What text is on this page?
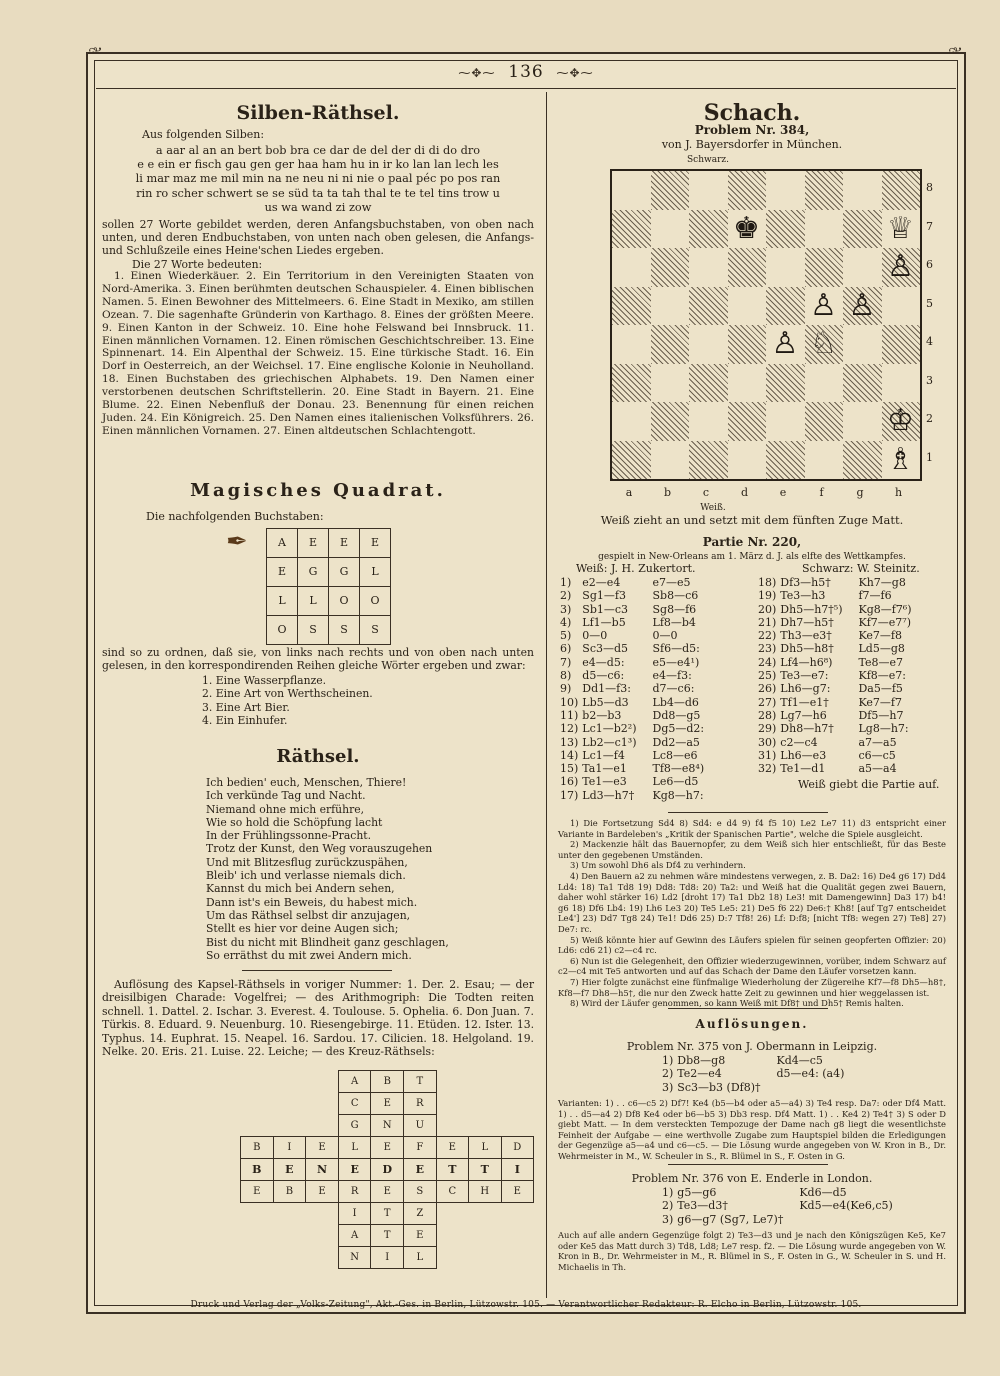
⁓✥⁓ 136 ⁓✥⁓
Silben-Räthsel.
Aus folgenden Silben:
a aar al an an bert bob bra ce dar de del der di di do dro
e e ein er fisch gau gen ger haa ham hu in ir ko lan lan lech les
li mar maz me mil min na ne neu ni ni nie o paal péc po pos ran
rin ro scher schwert se se süd ta ta tah thal te te tel tins trow u
us wa wand zi zow
sollen 27 Worte gebildet werden, deren Anfangsbuchstaben, von oben nach unten, und deren Endbuchstaben, von unten nach oben gelesen, die Anfangs- und Schlußzeile eines Heine'schen Liedes ergeben.
Die 27 Worte bedeuten:
1. Einen Wiederkäuer. 2. Ein Territorium in den Vereinigten Staaten von Nord-Amerika. 3. Einen berühmten deutschen Schauspieler. 4. Einen biblischen Namen. 5. Einen Bewohner des Mittelmeers. 6. Eine Stadt in Mexiko, am stillen Ozean. 7. Die sagenhafte Gründerin von Karthago. 8. Eines der größten Meere. 9. Einen Kanton in der Schweiz. 10. Eine hohe Felswand bei Innsbruck. 11. Einen männlichen Vornamen. 12. Einen römischen Geschichtschreiber. 13. Eine Spinnenart. 14. Ein Alpenthal der Schweiz. 15. Eine türkische Stadt. 16. Ein Dorf in Oesterreich, an der Weichsel. 17. Eine englische Kolonie in Neuholland. 18. Einen Buchstaben des griechischen Alphabets. 19. Den Namen einer verstorbenen deutschen Schriftstellerin. 20. Eine Stadt in Bayern. 21. Eine Blume. 22. Einen Nebenfluß der Donau. 23. Benennung für einen reichen Juden. 24. Ein Königreich. 25. Den Namen eines italienischen Volksführers. 26. Einen männlichen Vornamen. 27. Einen altdeutschen Schlachtengott.
Magisches Quadrat.
Die nachfolgenden Buchstaben:
✒	A	E	E	E
E	G	G	L
L	L	O	O
O	S	S	S
sind so zu ordnen, daß sie, von links nach rechts und von oben nach unten gelesen, in den korrespondirenden Reihen gleiche Wörter ergeben und zwar:
1. Eine Wasserpflanze.
2. Eine Art von Werthscheinen.
3. Eine Art Bier.
4. Ein Einhufer.
Räthsel.
Ich bedien' euch, Menschen, Thiere!
Ich verkünde Tag und Nacht.
Niemand ohne mich erführe,
Wie so hold die Schöpfung lacht
In der Frühlingssonne-Pracht.
Trotz der Kunst, den Weg vorauszugehen
Und mit Blitzesflug zurückzuspähen,
Bleib' ich und verlasse niemals dich.
Kannst du mich bei Andern sehen,
Dann ist's ein Beweis, du habest mich.
Um das Räthsel selbst dir anzujagen,
Stellt es hier vor deine Augen sich;
Bist du nicht mit Blindheit ganz geschlagen,
So erräthst du mit zwei Andern mich.
Auflösung des Kapsel-Räthsels in voriger Nummer: 1. Der. 2. Esau; — der dreisilbigen Charade: Vogelfrei; — des Arithmogriph: Die Todten reiten schnell. 1. Dattel. 2. Ischar. 3. Everest. 4. Toulouse. 5. Ophelia. 6. Don Juan. 7. Türkis. 8. Eduard. 9. Neuenburg. 10. Riesengebirge. 11. Etüden. 12. Ister. 13. Typhus. 14. Euphrat. 15. Neapel. 16. Sardou. 17. Cilicien. 18. Helgoland. 19. Nelke. 20. Eris. 21. Luise. 22. Leiche; — des Kreuz-Räthsels:
			A	B	T			
			C	E	R			
			G	N	U			
B	I	E	L	E	F	E	L	D
B	E	N	E	D	E	T	T	I
E	B	E	R	E	S	C	H	E
			I	T	Z			
			A	T	E			
			N	I	L			
Schach.
Problem Nr. 384,
von J. Bayersdorfer in München.
Schwarz.
♚	♕
♙
♙ ♙
♙ ♘
♔
♗
8
7
6
5
4
3
2
1
a	b	c	d	e	f	g	h
Weiß.
Weiß zieht an und setzt mit dem fünften Zuge Matt.
Partie Nr. 220,
gespielt in New-Orleans am 1. März d. J. als elfte des Wettkampfes.
Weiß: J. H. Zukertort.	Schwarz: W. Steinitz.
1)	e2—e4	e7—e5
2)	Sg1—f3	Sb8—c6
3)	Sb1—c3	Sg8—f6
4)	Lf1—b5	Lf8—b4
5)	0—0	0—0
6)	Sc3—d5	Sf6—d5:
7)	e4—d5:	e5—e4¹)
8)	d5—c6:	e4—f3:
9)	Dd1—f3:	d7—c6:
10)	Lb5—d3	Lb4—d6
11)	b2—b3	Dd8—g5
12)	Lc1—b2²)	Dg5—d2:
13)	Lb2—c1³)	Dd2—a5
14)	Lc1—f4	Lc8—e6
15)	Ta1—e1	Tf8—e8⁴)
16)	Te1—e3	Le6—d5
17)	Ld3—h7†	Kg8—h7:
18)	Df3—h5†	Kh7—g8
19)	Te3—h3	f7—f6
20)	Dh5—h7†⁵)	Kg8—f7⁶)
21)	Dh7—h5†	Kf7—e7⁷)
22)	Th3—e3†	Ke7—f8
23)	Dh5—h8†	Ld5—g8
24)	Lf4—h6⁸)	Te8—e7
25)	Te3—e7:	Kf8—e7:
26)	Lh6—g7:	Da5—f5
27)	Tf1—e1†	Ke7—f7
28)	Lg7—h6	Df5—h7
29)	Dh8—h7†	Lg8—h7:
30)	c2—c4	a7—a5
31)	Lh6—e3	c6—c5
32)	Te1—d1	a5—a4
Weiß giebt die Partie auf.
1) Die Fortsetzung Sd4 8) Sd4: e d4 9) f4 f5 10) Le2 Le7 11) d3 entspricht einer Variante in Bardeleben's „Kritik der Spanischen Partie", welche die Spiele ausgleicht.
2) Mackenzie hält das Bauernopfer, zu dem Weiß sich hier entschließt, für das Beste unter den gegebenen Umständen.
3) Um sowohl Dh6 als Df4 zu verhindern.
4) Den Bauern a2 zu nehmen wäre mindestens verwegen, z. B. Da2: 16) De4 g6 17) Dd4 Ld4: 18) Ta1 Td8 19) Dd8: Td8: 20) Ta2: und Weiß hat die Qualität gegen zwei Bauern, daher wohl stärker 16) Ld2 [droht 17) Ta1 Db2 18) Le3! mit Damengewinn] Da3 17) b4! g6 18) Df6 Lb4: 19) Lh6 Le3 20) Te5 Le5: 21) De5 f6 22) De6:† Kh8! [auf Tg7 entscheidet Le4'] 23) Dd7 Tg8 24) Te1! Dd6 25) D:7 Tf8! 26) Lf: D:f8; [nicht Tf8: wegen 27) Te8] 27) De7: rc.
5) Weiß könnte hier auf Gewinn des Läufers spielen für seinen geopferten Offizier: 20) Ld6: cd6 21) c2—c4 rc.
6) Nun ist die Gelegenheit, den Offizier wiederzugewinnen, vorüber, indem Schwarz auf c2—c4 mit Te5 antworten und auf das Schach der Dame den Läufer vorsetzen kann.
7) Hier folgte zunächst eine fünfmalige Wiederholung der Zügereihe Kf7—f8 Dh5—h8†, Kf8—f7 Dh8—h5†, die nur den Zweck hatte Zeit zu gewinnen und hier weggelassen ist.
8) Wird der Läufer genommen, so kann Weiß mit Df8† und Dh5† Remis halten.
Auflösungen.
Problem Nr. 375 von J. Obermann in Leipzig.
1)	Db8—g8	Kd4—c5
2)	Te2—e4	d5—e4: (a4)
3)	Sc3—b3 (Df8)†	
Varianten: 1) . . c6—c5 2) Df7! Ke4 (b5—b4 oder a5—a4) 3) Te4 resp. Da7: oder Df4 Matt. 1) . . d5—a4 2) Df8 Ke4 oder b6—b5 3) Db3 resp. Df4 Matt. 1) . . Ke4 2) Te4† 3) S oder D giebt Matt. — In dem versteckten Tempozuge der Dame nach g8 liegt die wesentlichste Feinheit der Aufgabe — eine werthvolle Zugabe zum Hauptspiel bilden die Erledigungen der Gegenzüge a5—a4 und c6—c5. — Die Lösung wurde angegeben von W. Kron in B., Dr. Wehrmeister in M., W. Scheuler in S., R. Blümel in S., F. Osten in G.
Problem Nr. 376 von E. Enderle in London.
1)	g5—g6	Kd6—d5
2)	Te3—d3†	Kd5—e4(Ke6,c5)
3)	g6—g7 (Sg7, Le7)†	
Auch auf alle andern Gegenzüge folgt 2) Te3—d3 und je nach den Königszügen Ke5, Ke7 oder Ke5 das Matt durch 3) Td8, Ld8; Le7 resp. f2. — Die Lösung wurde angegeben von W. Kron in B., Dr. Wehrmeister in M., R. Blümel in S., F. Osten in G., W. Scheuler in S. und H. Michaelis in Th.
Druck und Verlag der „Volks-Zeitung", Akt.-Ges. in Berlin, Lützowstr. 105. — Verantwortlicher Redakteur: R. Elcho in Berlin, Lützowstr. 105.
